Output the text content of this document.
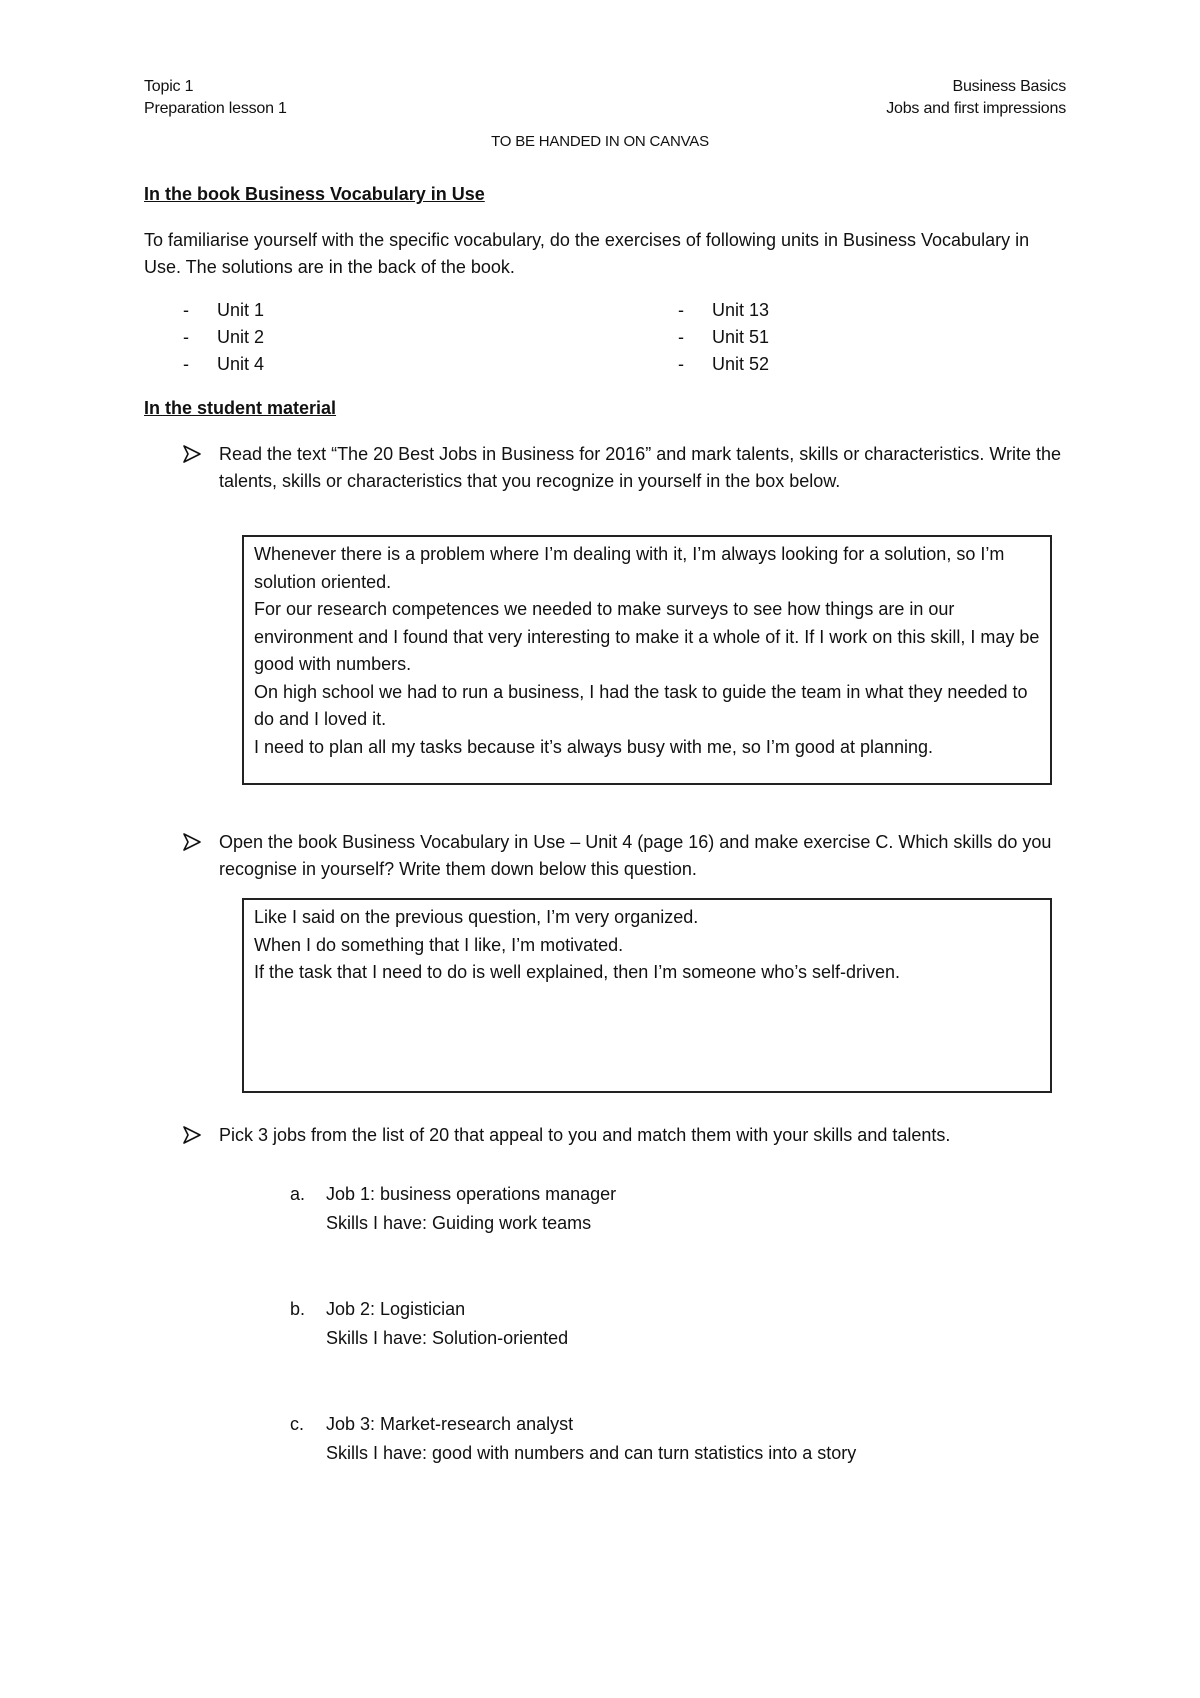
Topic 1
Preparation lesson 1
Business Basics
Jobs and first impressions
TO BE HANDED IN ON CANVAS
In the book Business Vocabulary in Use
To familiarise yourself with the specific vocabulary, do the exercises of following units in Business Vocabulary in Use. The solutions are in the back of the book.
- Unit 1
- Unit 2
- Unit 4
- Unit 13
- Unit 51
- Unit 52
In the student material
Read the text “The 20 Best Jobs in Business for 2016” and mark talents, skills or characteristics. Write the talents, skills or characteristics that you recognize in yourself in the box below.
Whenever there is a problem where I’m dealing with it, I’m always looking for a solution, so I’m solution oriented.
For our research competences we needed to make surveys to see how things are in our environment and I found that very interesting to make it a whole of it. If I work on this skill, I may be good with numbers.
On high school we had to run a business, I had the task to guide the team in what they needed to do and I loved it.
I need to plan all my tasks because it’s always busy with me, so I’m good at planning.
Open the book Business Vocabulary in Use – Unit 4 (page 16) and make exercise C. Which skills do you recognise in yourself? Write them down below this question.
Like I said on the previous question, I’m very organized.
When I do something that I like, I’m motivated.
If the task that I need to do is well explained, then I’m someone who’s self-driven.
Pick 3 jobs from the list of 20 that appeal to you and match them with your skills and talents.
a. Job 1: business operations manager
Skills I have: Guiding work teams
b. Job 2: Logistician
Skills I have: Solution-oriented
c. Job 3: Market-research analyst
Skills I have: good with numbers and can turn statistics into a story
